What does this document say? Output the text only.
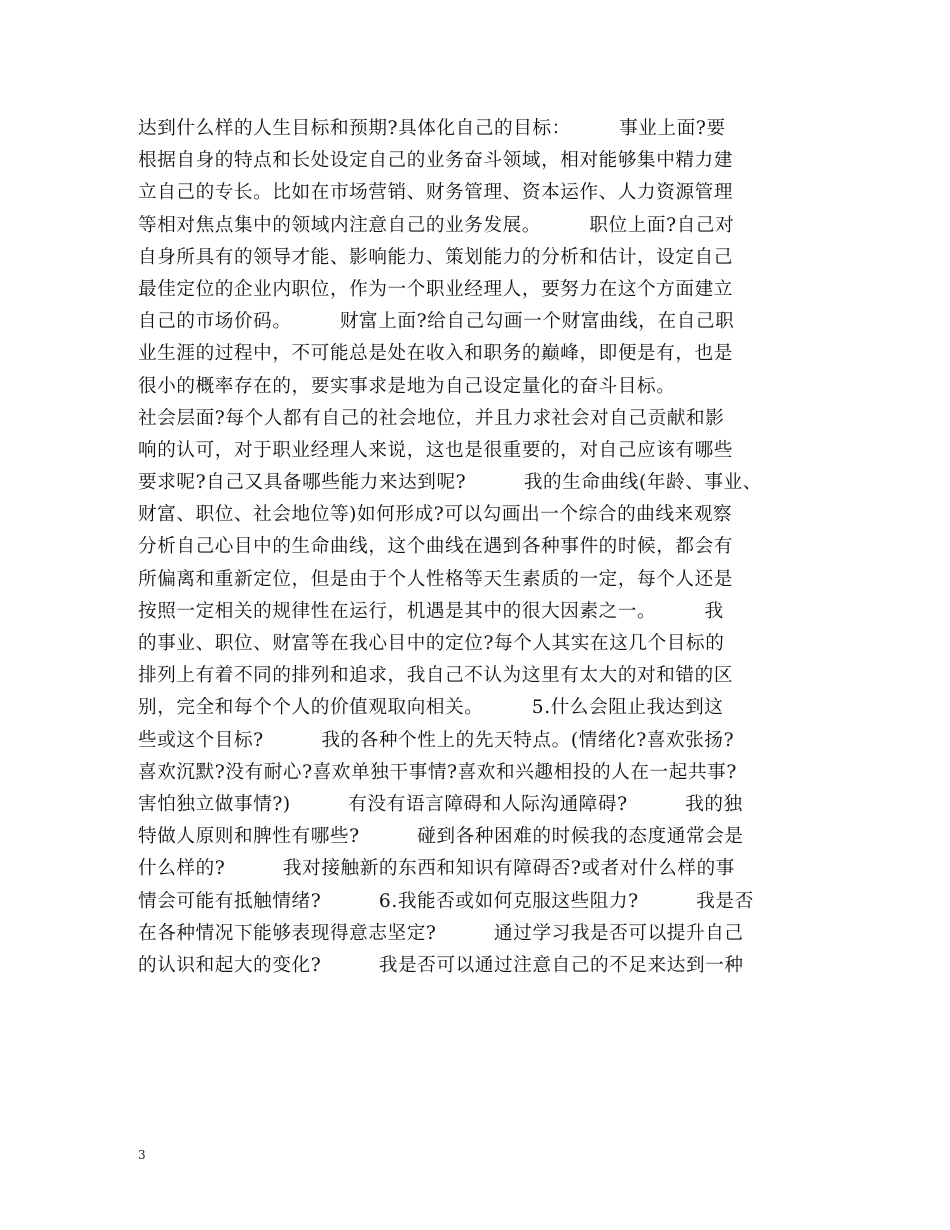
达到什么样的人生目标和预期?具体化自己的目标：　　　事业上面?要
根据自身的特点和长处设定自己的业务奋斗领域，相对能够集中精力建
立自己的专长。比如在市场营销、财务管理、资本运作、人力资源管理
等相对焦点集中的领域内注意自己的业务发展。　　　职位上面?自己对
自身所具有的领导才能、影响能力、策划能力的分析和估计，设定自己
最佳定位的企业内职位，作为一个职业经理人，要努力在这个方面建立
自己的市场价码。　　　财富上面?给自己勾画一个财富曲线，在自己职
业生涯的过程中，不可能总是处在收入和职务的巅峰，即便是有，也是
很小的概率存在的，要实事求是地为自己设定量化的奋斗目标。
社会层面?每个人都有自己的社会地位，并且力求社会对自己贡献和影
响的认可，对于职业经理人来说，这也是很重要的，对自己应该有哪些
要求呢?自己又具备哪些能力来达到呢?　　　我的生命曲线(年龄、事业、
财富、职位、社会地位等)如何形成?可以勾画出一个综合的曲线来观察
分析自己心目中的生命曲线，这个曲线在遇到各种事件的时候，都会有
所偏离和重新定位，但是由于个人性格等天生素质的一定，每个人还是
按照一定相关的规律性在运行，机遇是其中的很大因素之一。　　　我
的事业、职位、财富等在我心目中的定位?每个人其实在这几个目标的
排列上有着不同的排列和追求，我自己不认为这里有太大的对和错的区
别，完全和每个个人的价值观取向相关。　　　5.什么会阻止我达到这
些或这个目标?　　　我的各种个性上的先天特点。(情绪化?喜欢张扬?
喜欢沉默?没有耐心?喜欢单独干事情?喜欢和兴趣相投的人在一起共事?
害怕独立做事情?)　　　有没有语言障碍和人际沟通障碍?　　　我的独
特做人原则和脾性有哪些?　　　碰到各种困难的时候我的态度通常会是
什么样的?　　　我对接触新的东西和知识有障碍否?或者对什么样的事
情会可能有抵触情绪?　　　6.我能否或如何克服这些阻力?　　　我是否
在各种情况下能够表现得意志坚定?　　　通过学习我是否可以提升自己
的认识和起大的变化?　　　我是否可以通过注意自己的不足来达到一种
3
